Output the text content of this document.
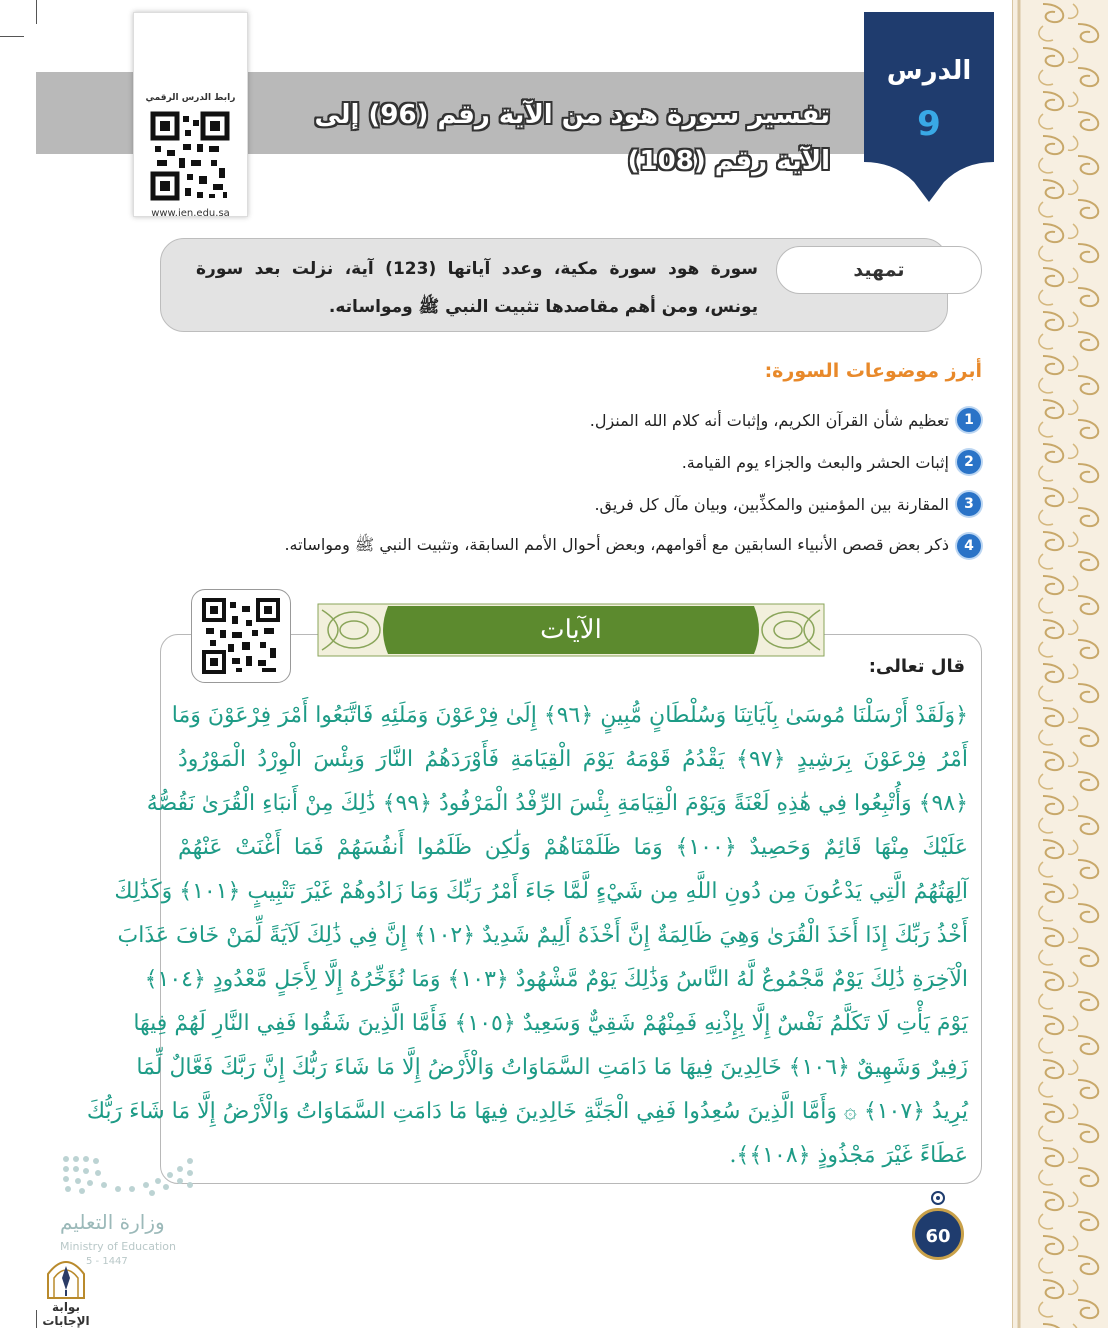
تفسير سورة هود من الآية رقم (96) إلى الآية رقم (108)
الدرس
9
رابط الدرس الرقمي
www.ien.edu.sa
تمهيد
سورة هود سورة مكية، وعدد آياتها (123) آية، نزلت بعد سورة يونس، ومن أهم مقاصدها تثبيت النبي ﷺ ومواساته.
أبرز موضوعات السورة:
1
تعظيم شأن القرآن الكريم، وإثبات أنه كلام الله المنزل.
2
إثبات الحشر والبعث والجزاء يوم القيامة.
3
المقارنة بين المؤمنين والمكذِّبين، وبيان مآل كل فريق.
4
ذكر بعض قصص الأنبياء السابقين مع أقوامهم، وبعض أحوال الأمم السابقة، وتثبيت النبي ﷺ ومواساته.
الآيات
قال تعالى:
﴿وَلَقَدْ أَرْسَلْنَا مُوسَىٰ بِآيَاتِنَا وَسُلْطَانٍ مُّبِينٍ ﴿٩٦﴾ إِلَىٰ فِرْعَوْنَ وَمَلَئِهِ فَاتَّبَعُوا أَمْرَ فِرْعَوْنَ وَمَا
أَمْرُ فِرْعَوْنَ بِرَشِيدٍ ﴿٩٧﴾ يَقْدُمُ قَوْمَهُ يَوْمَ الْقِيَامَةِ فَأَوْرَدَهُمُ النَّارَ وَبِئْسَ الْوِرْدُ الْمَوْرُودُ
﴿٩٨﴾ وَأُتْبِعُوا فِي هَٰذِهِ لَعْنَةً وَيَوْمَ الْقِيَامَةِ بِئْسَ الرِّفْدُ الْمَرْفُودُ ﴿٩٩﴾ ذَٰلِكَ مِنْ أَنبَاءِ الْقُرَىٰ نَقُصُّهُ
عَلَيْكَ مِنْهَا قَائِمٌ وَحَصِيدٌ ﴿١٠٠﴾ وَمَا ظَلَمْنَاهُمْ وَلَٰكِن ظَلَمُوا أَنفُسَهُمْ فَمَا أَغْنَتْ عَنْهُمْ
آلِهَتُهُمُ الَّتِي يَدْعُونَ مِن دُونِ اللَّهِ مِن شَيْءٍ لَّمَّا جَاءَ أَمْرُ رَبِّكَ وَمَا زَادُوهُمْ غَيْرَ تَتْبِيبٍ ﴿١٠١﴾ وَكَذَٰلِكَ
أَخْذُ رَبِّكَ إِذَا أَخَذَ الْقُرَىٰ وَهِيَ ظَالِمَةٌ إِنَّ أَخْذَهُ أَلِيمٌ شَدِيدٌ ﴿١٠٢﴾ إِنَّ فِي ذَٰلِكَ لَآيَةً لِّمَنْ خَافَ عَذَابَ
الْآخِرَةِ ذَٰلِكَ يَوْمٌ مَّجْمُوعٌ لَّهُ النَّاسُ وَذَٰلِكَ يَوْمٌ مَّشْهُودٌ ﴿١٠٣﴾ وَمَا نُؤَخِّرُهُ إِلَّا لِأَجَلٍ مَّعْدُودٍ ﴿١٠٤﴾
يَوْمَ يَأْتِ لَا تَكَلَّمُ نَفْسٌ إِلَّا بِإِذْنِهِ فَمِنْهُمْ شَقِيٌّ وَسَعِيدٌ ﴿١٠٥﴾ فَأَمَّا الَّذِينَ شَقُوا فَفِي النَّارِ لَهُمْ فِيهَا
زَفِيرٌ وَشَهِيقٌ ﴿١٠٦﴾ خَالِدِينَ فِيهَا مَا دَامَتِ السَّمَاوَاتُ وَالْأَرْضُ إِلَّا مَا شَاءَ رَبُّكَ إِنَّ رَبَّكَ فَعَّالٌ لِّمَا
يُرِيدُ ﴿١٠٧﴾ ۞ وَأَمَّا الَّذِينَ سُعِدُوا فَفِي الْجَنَّةِ خَالِدِينَ فِيهَا مَا دَامَتِ السَّمَاوَاتُ وَالْأَرْضُ إِلَّا مَا شَاءَ رَبُّكَ
عَطَاءً غَيْرَ مَجْذُوذٍ ﴿١٠٨﴾﴾.
60
وزارة التعليم
Ministry of Education
5 - 1447
بوابة الإجابات
